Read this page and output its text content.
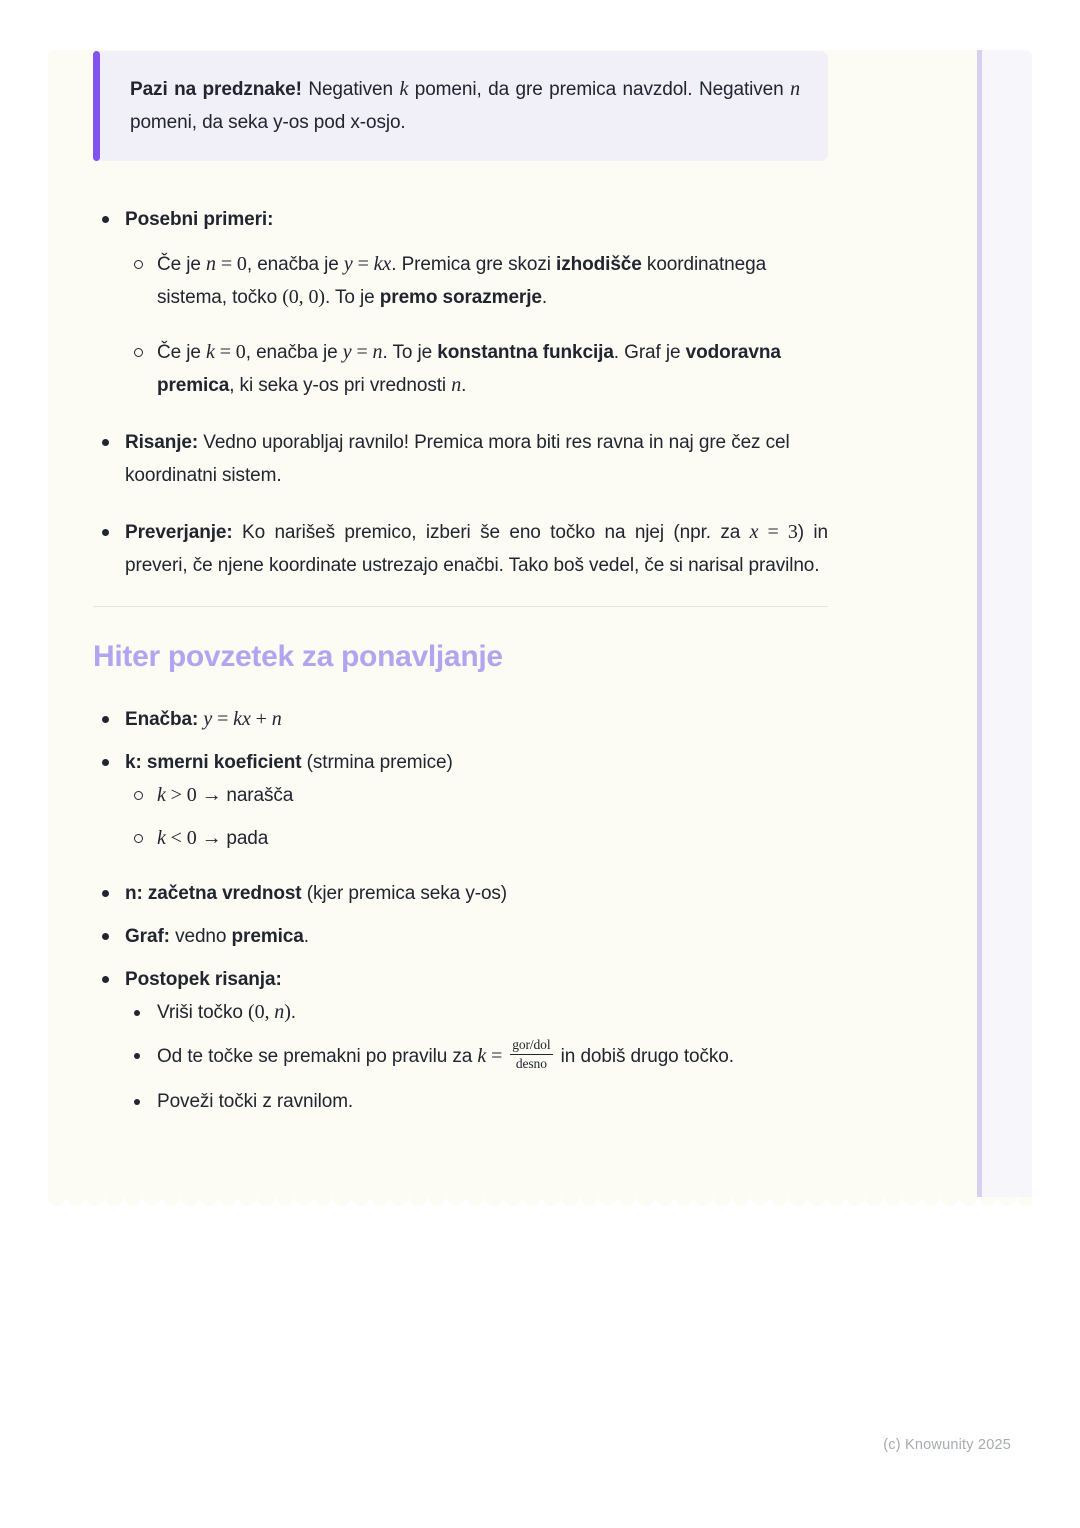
Pazi na predznake! Negativen k pomeni, da gre premica navzdol. Negativen n pomeni, da seka y-os pod x-osjo.

Posebni primeri:

Če je n = 0, enačba je y = kx. Premica gre skozi izhodišče koordinatnega sistema, točko (0, 0). To je premo sorazmerje.

Če je k = 0, enačba je y = n. To je konstantna funkcija. Graf je vodoravna premica, ki seka y-os pri vrednosti n.

Risanje: Vedno uporabljaj ravnilo! Premica mora biti res ravna in naj gre čez cel koordinatni sistem.

Preverjanje: Ko narišeš premico, izberi še eno točko na njej (npr. za x = 3) in preveri, če njene koordinate ustrezajo enačbi. Tako boš vedel, če si narisal pravilno.

Hiter povzetek za ponavljanje

Enačba: y = kx + n

k: smerni koeficient (strmina premice)

k > 0 → narašča

k < 0 → pada

n: začetna vrednost (kjer premica seka y-os)

Graf: vedno premica.

Postopek risanja:

Vriši točko (0, n).

Od te točke se premakni po pravilu za $k = \frac{\text{gor/dol}}{\text{desno}}$ in dobiš drugo točko.

Poveži točki z ravnilom.

(c) Knowunity 2025
